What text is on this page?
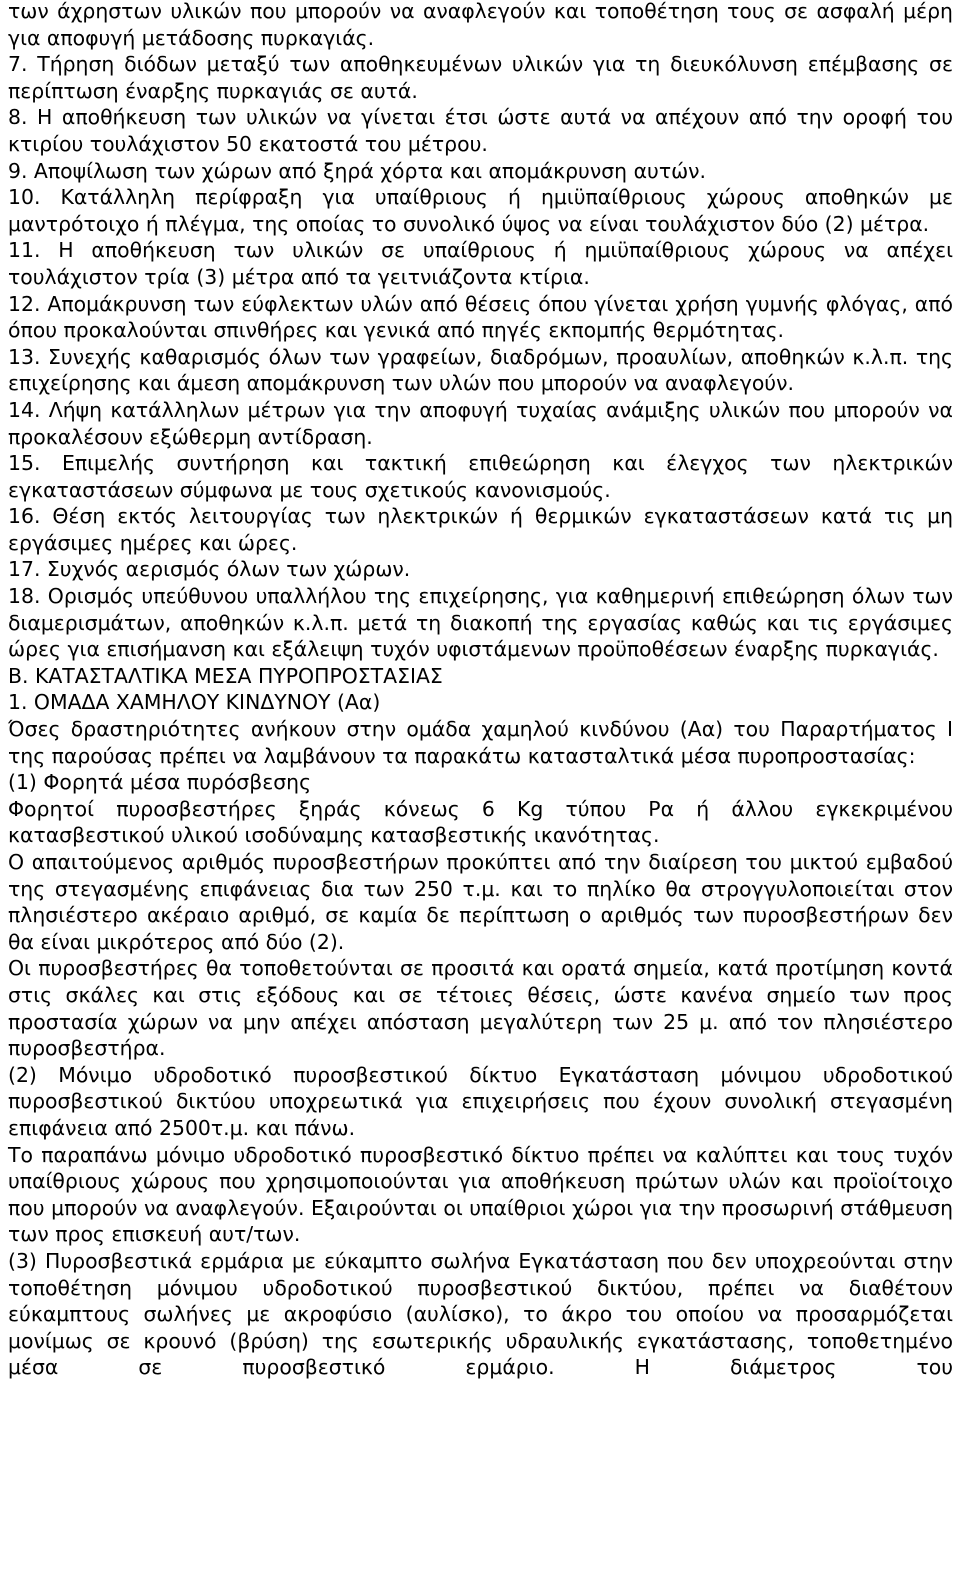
των άχρηστων υλικών που μπορούν να αναφλεγούν και τοποθέτηση τους σε ασφαλή μέρη για αποφυγή μετάδοσης πυρκαγιάς.

7. Τήρηση διόδων μεταξύ των αποθηκευμένων υλικών για τη διευκόλυνση επέμβασης σε περίπτωση έναρξης πυρκαγιάς σε αυτά.

8. Η αποθήκευση των υλικών να γίνεται έτσι ώστε αυτά να απέχουν από την οροφή του κτιρίου τουλάχιστον 50 εκατοστά του μέτρου.

9. Αποψίλωση των χώρων από ξηρά χόρτα και απομάκρυνση αυτών.

10. Κατάλληλη περίφραξη για υπαίθριους ή ημιϋπαίθριους χώρους αποθηκών με μαντρότοιχο ή πλέγμα, της οποίας το συνολικό ύψος να είναι τουλάχιστον δύο (2) μέτρα.

11. Η αποθήκευση των υλικών σε υπαίθριους ή ημιϋπαίθριους χώρους να απέχει τουλάχιστον τρία (3) μέτρα από τα γειτνιάζοντα κτίρια.

12. Απομάκρυνση των εύφλεκτων υλών από θέσεις όπου γίνεται χρήση γυμνής φλόγας, από όπου προκαλούνται σπινθήρες και γενικά από πηγές εκπομπής θερμότητας.

13. Συνεχής καθαρισμός όλων των γραφείων, διαδρόμων, προαυλίων, αποθηκών κ.λ.π. της επιχείρησης και άμεση απομάκρυνση των υλών που μπορούν να αναφλεγούν.

14. Λήψη κατάλληλων μέτρων για την αποφυγή τυχαίας ανάμιξης υλικών που μπορούν να προκαλέσουν εξώθερμη αντίδραση.

15. Επιμελής συντήρηση και τακτική επιθεώρηση και έλεγχος των ηλεκτρικών εγκαταστάσεων σύμφωνα με τους σχετικούς κανονισμούς.

16. Θέση εκτός λειτουργίας των ηλεκτρικών ή θερμικών εγκαταστάσεων κατά τις μη εργάσιμες ημέρες και ώρες.

17. Συχνός αερισμός όλων των χώρων.

18. Ορισμός υπεύθυνου υπαλλήλου της επιχείρησης, για καθημερινή επιθεώρηση όλων των διαμερισμάτων, αποθηκών κ.λ.π. μετά τη διακοπή της εργασίας καθώς και τις εργάσιμες ώρες για επισήμανση και εξάλειψη τυχόν υφιστάμενων προϋποθέσεων έναρξης πυρκαγιάς.

Β. ΚΑΤΑΣΤΑΛΤΙΚΑ ΜΕΣΑ ΠΥΡΟΠΡΟΣΤΑΣΙΑΣ

1. ΟΜΑΔΑ ΧΑΜΗΛΟΥ ΚΙΝΔΥΝΟΥ (Αα)

Όσες δραστηριότητες ανήκουν στην ομάδα χαμηλού κινδύνου (Αα) του Παραρτήματος Ι της παρούσας πρέπει να λαμβάνουν τα παρακάτω κατασταλτικά μέσα πυροπροστασίας:

(1) Φορητά μέσα πυρόσβεσης

Φορητοί πυροσβεστήρες ξηράς κόνεως 6 Kg τύπου Ρα ή άλλου εγκεκριμένου κατασβεστικού υλικού ισοδύναμης κατασβεστικής ικανότητας.

Ο απαιτούμενος αριθμός πυροσβεστήρων προκύπτει από την διαίρεση του μικτού εμβαδού της στεγασμένης επιφάνειας δια των 250 τ.μ. και το πηλίκο θα στρογγυλοποιείται στον πλησιέστερο ακέραιο αριθμό, σε καμία δε περίπτωση ο αριθμός των πυροσβεστήρων δεν θα είναι μικρότερος από δύο (2).

Οι πυροσβεστήρες θα τοποθετούνται σε προσιτά και ορατά σημεία, κατά προτίμηση κοντά στις σκάλες και στις εξόδους και σε τέτοιες θέσεις, ώστε κανένα σημείο των προς προστασία χώρων να μην απέχει απόσταση μεγαλύτερη των 25 μ. από τον πλησιέστερο πυροσβεστήρα.

(2) Μόνιμο υδροδοτικό πυροσβεστικού δίκτυο Εγκατάσταση μόνιμου υδροδοτικού πυροσβεστικού δικτύου υποχρεωτικά για επιχειρήσεις που έχουν συνολική στεγασμένη επιφάνεια από 2500τ.μ. και πάνω.

Το παραπάνω μόνιμο υδροδοτικό πυροσβεστικό δίκτυο πρέπει να καλύπτει και τους τυχόν υπαίθριους χώρους που χρησιμοποιούνται για αποθήκευση πρώτων υλών και προϊοίτοιχο που μπορούν να αναφλεγούν. Εξαιρούνται οι υπαίθριοι χώροι για την προσωρινή στάθμευση των προς επισκευή αυτ/των.

(3) Πυροσβεστικά ερμάρια με εύκαμπτο σωλήνα Εγκατάσταση που δεν υποχρεούνται στην τοποθέτηση μόνιμου υδροδοτικού πυροσβεστικού δικτύου, πρέπει να διαθέτουν εύκαμπτους σωλήνες με ακροφύσιο (αυλίσκο), το άκρο του οποίου να προσαρμόζεται μονίμως σε κρουνό (βρύση) της εσωτερικής υδραυλικής εγκατάστασης, τοποθετημένο μέσα σε πυροσβεστικό ερμάριο. Η διάμετρος του
